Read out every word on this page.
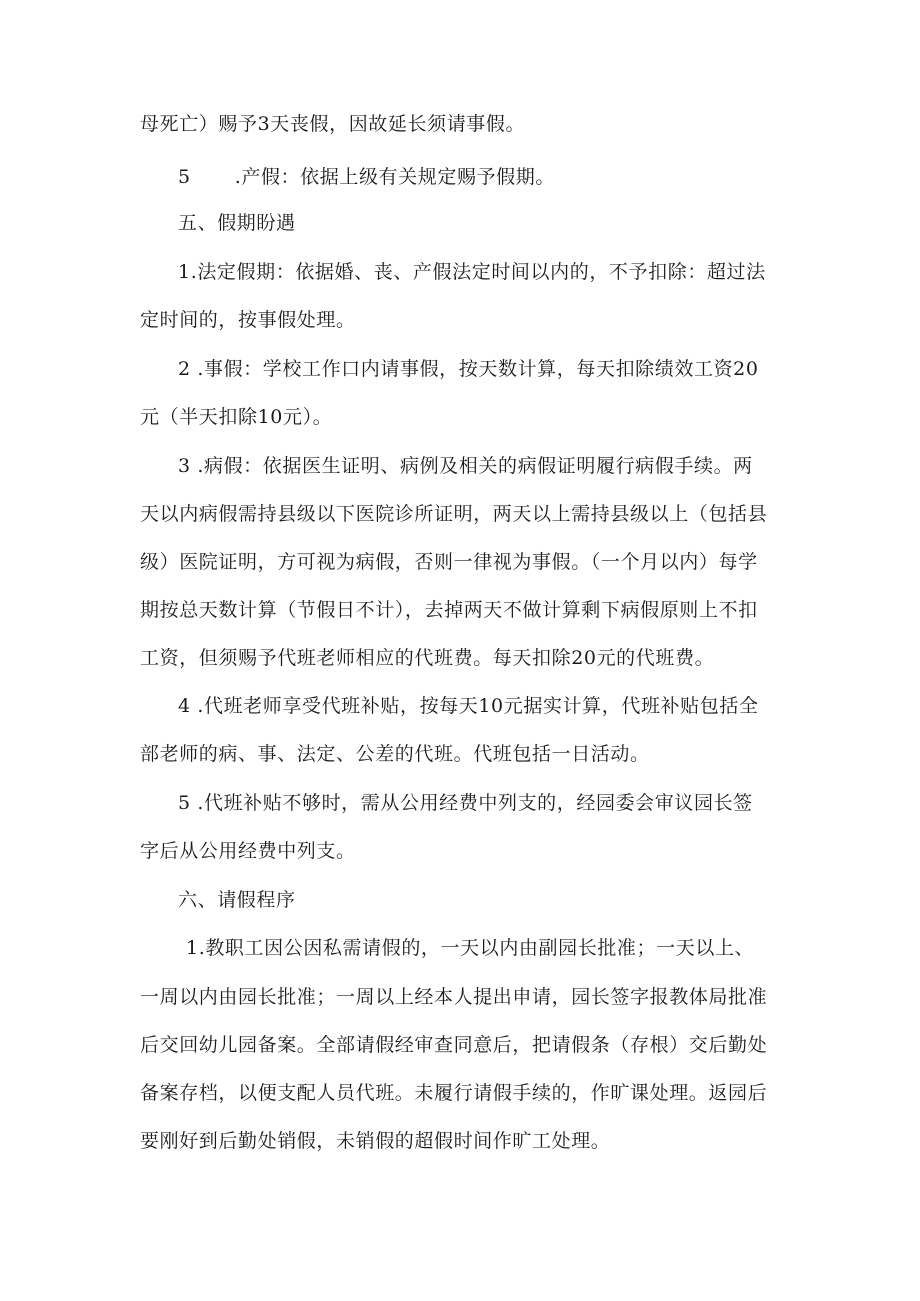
母死亡）赐予3天丧假，因故延长须请事假。
5 .产假：依据上级有关规定赐予假期。
五、假期盼遇
1.法定假期：依据婚、丧、产假法定时间以内的，不予扣除：超过法
定时间的，按事假处理。
2 .事假：学校工作口内请事假，按天数计算，每天扣除绩效工资20
元（半天扣除10元）。
3 .病假：依据医生证明、病例及相关的病假证明履行病假手续。两
天以内病假需持县级以下医院诊所证明，两天以上需持县级以上（包括县
级）医院证明，方可视为病假，否则一律视为事假。（一个月以内）每学
期按总天数计算（节假日不计），去掉两天不做计算剩下病假原则上不扣
工资，但须赐予代班老师相应的代班费。每天扣除20元的代班费。
4 .代班老师享受代班补贴，按每天10元据实计算，代班补贴包括全
部老师的病、事、法定、公差的代班。代班包括一日活动。
5 .代班补贴不够时，需从公用经费中列支的，经园委会审议园长签
字后从公用经费中列支。
六、请假程序
1.教职工因公因私需请假的，一天以内由副园长批准；一天以上、
一周以内由园长批准；一周以上经本人提出申请，园长签字报教体局批准
后交回幼儿园备案。全部请假经审查同意后，把请假条（存根）交后勤处
备案存档，以便支配人员代班。未履行请假手续的，作旷课处理。返园后
要刚好到后勤处销假，未销假的超假时间作旷工处理。
